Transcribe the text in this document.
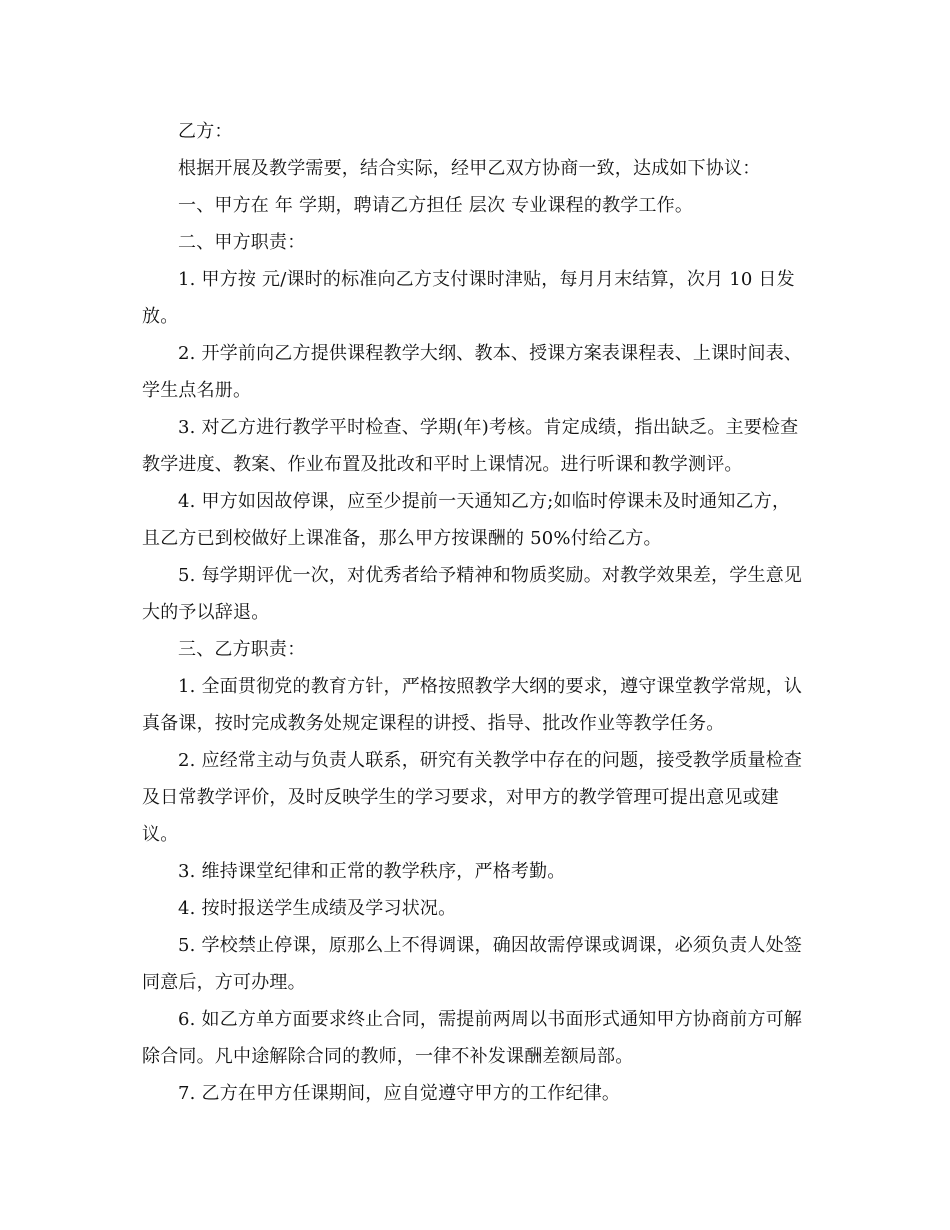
乙方：

根据开展及教学需要，结合实际，经甲乙双方协商一致，达成如下协议：

一、甲方在 年 学期，聘请乙方担任 层次 专业课程的教学工作。

二、甲方职责：

1. 甲方按 元/课时的标准向乙方支付课时津贴，每月月末结算，次月 10 日发放。

2. 开学前向乙方提供课程教学大纲、教本、授课方案表课程表、上课时间表、学生点名册。

3. 对乙方进行教学平时检查、学期(年)考核。肯定成绩，指出缺乏。主要检查教学进度、教案、作业布置及批改和平时上课情况。进行听课和教学测评。

4. 甲方如因故停课，应至少提前一天通知乙方;如临时停课未及时通知乙方，且乙方已到校做好上课准备，那么甲方按课酬的 50%付给乙方。

5. 每学期评优一次，对优秀者给予精神和物质奖励。对教学效果差，学生意见大的予以辞退。

三、乙方职责：

1. 全面贯彻党的教育方针，严格按照教学大纲的要求，遵守课堂教学常规，认真备课，按时完成教务处规定课程的讲授、指导、批改作业等教学任务。

2. 应经常主动与负责人联系，研究有关教学中存在的问题，接受教学质量检查及日常教学评价，及时反映学生的学习要求，对甲方的教学管理可提出意见或建议。

3. 维持课堂纪律和正常的教学秩序，严格考勤。

4. 按时报送学生成绩及学习状况。

5. 学校禁止停课，原那么上不得调课，确因故需停课或调课，必须负责人处签同意后，方可办理。

6. 如乙方单方面要求终止合同，需提前两周以书面形式通知甲方协商前方可解除合同。凡中途解除合同的教师，一律不补发课酬差额局部。

7. 乙方在甲方任课期间，应自觉遵守甲方的工作纪律。
